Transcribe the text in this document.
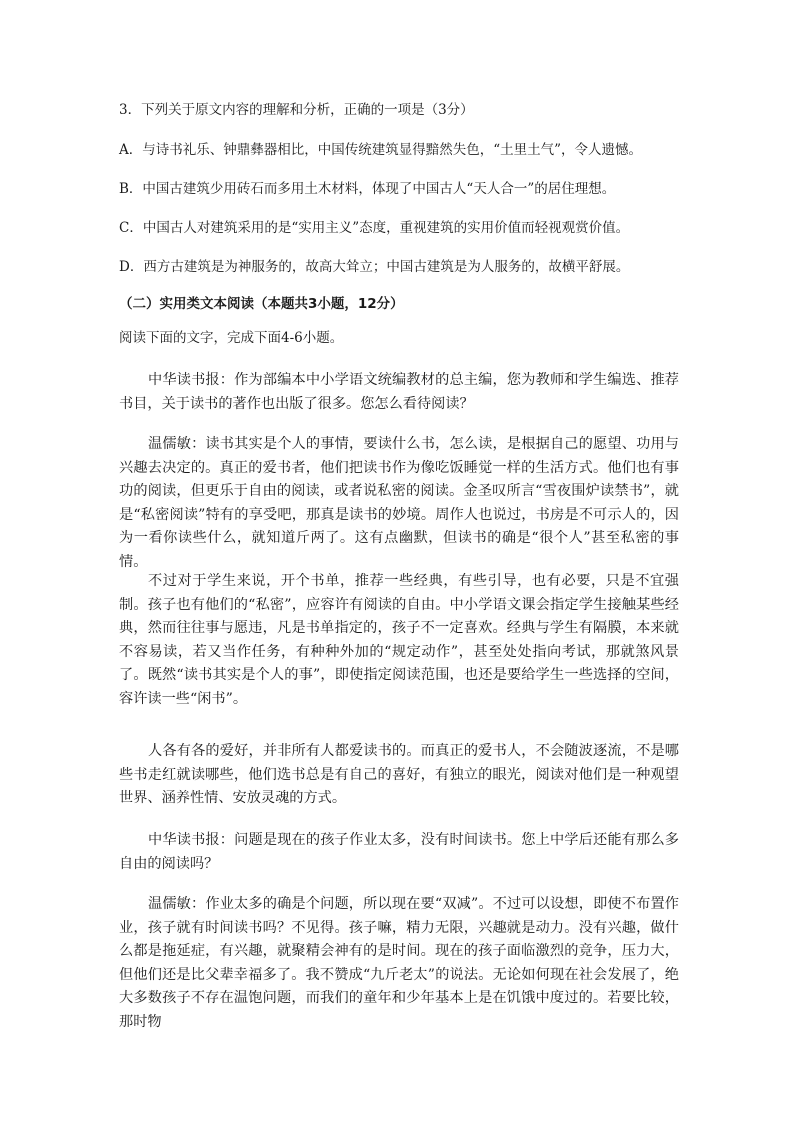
3．下列关于原文内容的理解和分析，正确的一项是（3分）
A．与诗书礼乐、钟鼎彝器相比，中国传统建筑显得黯然失色，“土里土气”，令人遗憾。
B．中国古建筑少用砖石而多用土木材料，体现了中国古人“天人合一”的居住理想。
C．中国古人对建筑采用的是“实用主义”态度，重视建筑的实用价值而轻视观赏价值。
D．西方古建筑是为神服务的，故高大耸立；中国古建筑是为人服务的，故横平舒展。
（二）实用类文本阅读（本题共3小题，12分）
阅读下面的文字，完成下面4-6小题。
中华读书报：作为部编本中小学语文统编教材的总主编，您为教师和学生编选、推荐书目，关于读书的著作也出版了很多。您怎么看待阅读？
温儒敏：读书其实是个人的事情，要读什么书，怎么读，是根据自己的愿望、功用与兴趣去决定的。真正的爱书者，他们把读书作为像吃饭睡觉一样的生活方式。他们也有事功的阅读，但更乐于自由的阅读，或者说私密的阅读。金圣叹所言“雪夜围炉读禁书”，就是“私密阅读”特有的享受吧，那真是读书的妙境。周作人也说过，书房是不可示人的，因为一看你读些什么，就知道斤两了。这有点幽默，但读书的确是“很个人”甚至私密的事情。
不过对于学生来说，开个书单，推荐一些经典，有些引导，也有必要，只是不宜强制。孩子也有他们的“私密”，应容许有阅读的自由。中小学语文课会指定学生接触某些经典，然而往往事与愿违，凡是书单指定的，孩子不一定喜欢。经典与学生有隔膜，本来就不容易读，若又当作任务，有种种外加的“规定动作”，甚至处处指向考试，那就煞风景了。既然“读书其实是个人的事”，即使指定阅读范围，也还是要给学生一些选择的空间，容许读一些“闲书”。
人各有各的爱好，并非所有人都爱读书的。而真正的爱书人，不会随波逐流，不是哪些书走红就读哪些，他们选书总是有自己的喜好，有独立的眼光，阅读对他们是一种观望世界、涵养性情、安放灵魂的方式。
中华读书报：问题是现在的孩子作业太多，没有时间读书。您上中学后还能有那么多自由的阅读吗？
温儒敏：作业太多的确是个问题，所以现在要“双减”。不过可以设想，即使不布置作业，孩子就有时间读书吗？不见得。孩子嘛，精力无限，兴趣就是动力。没有兴趣，做什么都是拖延症，有兴趣，就聚精会神有的是时间。现在的孩子面临激烈的竞争，压力大，但他们还是比父辈幸福多了。我不赞成“九斤老太”的说法。无论如何现在社会发展了，绝大多数孩子不存在温饱问题，而我们的童年和少年基本上是在饥饿中度过的。若要比较，那时物
